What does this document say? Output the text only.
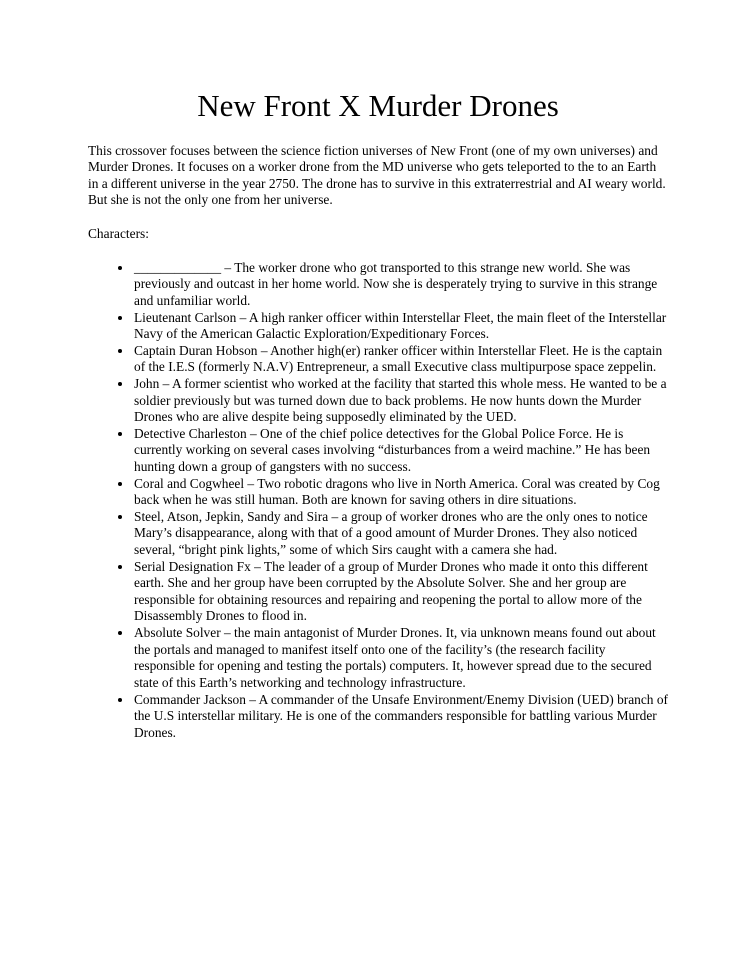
New Front X Murder Drones

This crossover focuses between the science fiction universes of New Front (one of my own universes) and Murder Drones. It focuses on a worker drone from the MD universe who gets teleported to the to an Earth in a different universe in the year 2750. The drone has to survive in this extraterrestrial and AI weary world. But she is not the only one from her universe.

Characters:

• _____________ – The worker drone who got transported to this strange new world. She was previously and outcast in her home world. Now she is desperately trying to survive in this strange and unfamiliar world.
• Lieutenant Carlson – A high ranker officer within Interstellar Fleet, the main fleet of the Interstellar Navy of the American Galactic Exploration/Expeditionary Forces.
• Captain Duran Hobson – Another high(er) ranker officer within Interstellar Fleet. He is the captain of the I.E.S (formerly N.A.V) Entrepreneur, a small Executive class multipurpose space zeppelin.
• John – A former scientist who worked at the facility that started this whole mess. He wanted to be a soldier previously but was turned down due to back problems. He now hunts down the Murder Drones who are alive despite being supposedly eliminated by the UED.
• Detective Charleston – One of the chief police detectives for the Global Police Force. He is currently working on several cases involving “disturbances from a weird machine.” He has been hunting down a group of gangsters with no success.
• Coral and Cogwheel – Two robotic dragons who live in North America. Coral was created by Cog back when he was still human. Both are known for saving others in dire situations.
• Steel, Atson, Jepkin, Sandy and Sira – a group of worker drones who are the only ones to notice Mary’s disappearance, along with that of a good amount of Murder Drones. They also noticed several, “bright pink lights,” some of which Sirs caught with a camera she had.
• Serial Designation Fx – The leader of a group of Murder Drones who made it onto this different earth. She and her group have been corrupted by the Absolute Solver. She and her group are responsible for obtaining resources and repairing and reopening the portal to allow more of the Disassembly Drones to flood in.
• Absolute Solver – the main antagonist of Murder Drones. It, via unknown means found out about the portals and managed to manifest itself onto one of the facility’s (the research facility responsible for opening and testing the portals) computers. It, however spread due to the secured state of this Earth’s networking and technology infrastructure.
• Commander Jackson – A commander of the Unsafe Environment/Enemy Division (UED) branch of the U.S interstellar military. He is one of the commanders responsible for battling various Murder Drones.
